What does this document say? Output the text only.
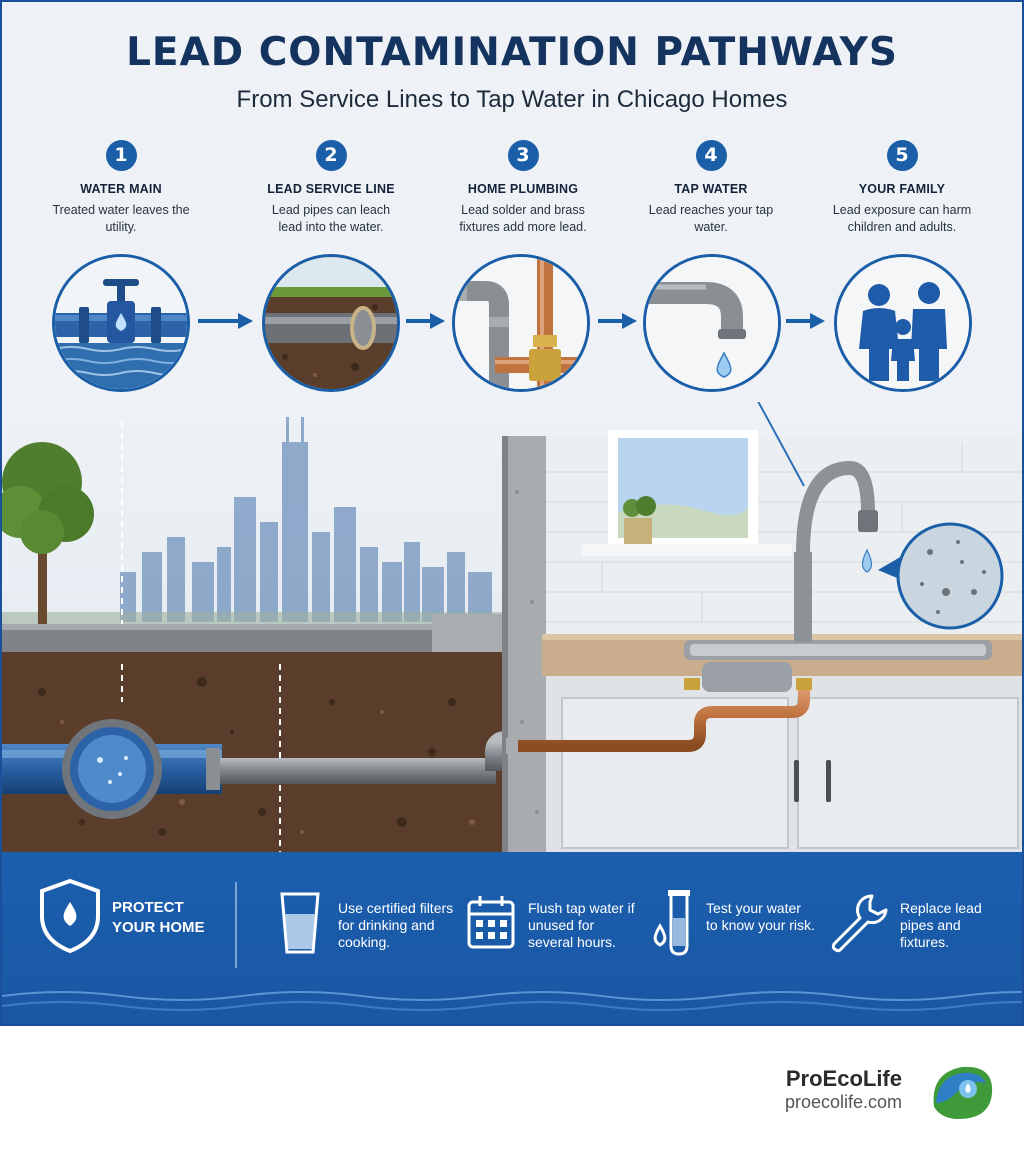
LEAD CONTAMINATION PATHWAYS
From Service Lines to Tap Water in Chicago Homes
1
WATER MAIN
Treated water leaves the utility.
2
LEAD SERVICE LINE
Lead pipes can leach lead into the water.
3
HOME PLUMBING
Lead solder and brass fixtures add more lead.
4
TAP WATER
Lead reaches your tap water.
5
YOUR FAMILY
Lead exposure can harm children and adults.
PROTECT YOUR HOME
Use certified filters for drinking and cooking.
Flush tap water if unused for several hours.
Test your water to know your risk.
Replace lead pipes and fixtures.
ProEcoLife
proecolife.com
